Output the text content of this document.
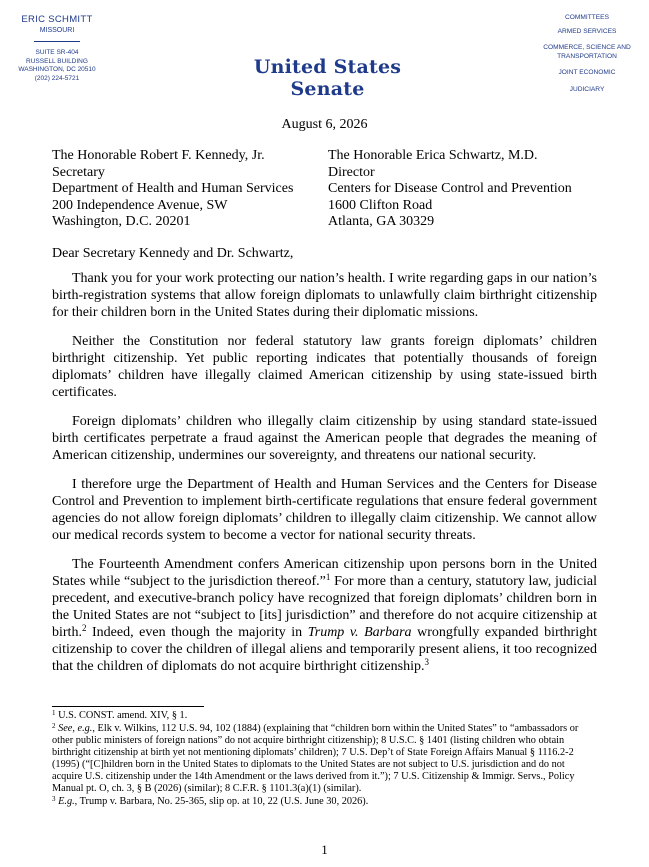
ERIC SCHMITT
MISSOURI
SUITE SR-404
RUSSELL BUILDING
WASHINGTON, DC 20510
(202) 224-5721	United States Senate
COMMITTEES
ARMED SERVICES
COMMERCE, SCIENCE AND TRANSPORTATION
JOINT ECONOMIC
JUDICIARY
August 6, 2026
The Honorable Robert F. Kennedy, Jr.
Secretary
Department of Health and Human Services
200 Independence Avenue, SW
Washington, D.C. 20201
The Honorable Erica Schwartz, M.D.
Director
Centers for Disease Control and Prevention
1600 Clifton Road
Atlanta, GA 30329
Dear Secretary Kennedy and Dr. Schwartz,

Thank you for your work protecting our nation’s health. I write regarding gaps in our nation’s birth-registration systems that allow foreign diplomats to unlawfully claim birthright citizenship for their children born in the United States during their diplomatic missions.

Neither the Constitution nor federal statutory law grants foreign diplomats’ children birthright citizenship. Yet public reporting indicates that potentially thousands of foreign diplomats’ children have illegally claimed American citizenship by using state-issued birth certificates.

Foreign diplomats’ children who illegally claim citizenship by using standard state-issued birth certificates perpetrate a fraud against the American people that degrades the meaning of American citizenship, undermines our sovereignty, and threatens our national security.

I therefore urge the Department of Health and Human Services and the Centers for Disease Control and Prevention to implement birth-certificate regulations that ensure federal government agencies do not allow foreign diplomats’ children to illegally claim citizenship. We cannot allow our medical records system to become a vector for national security threats.

The Fourteenth Amendment confers American citizenship upon persons born in the United States while “subject to the jurisdiction thereof.”$^1$ For more than a century, statutory law, judicial precedent, and executive-branch policy have recognized that foreign diplomats’ children born in the United States are not “subject to [its] jurisdiction” and therefore do not acquire citizenship at birth.$^2$ Indeed, even though the majority in Trump v. Barbara wrongfully expanded birthright citizenship to cover the children of illegal aliens and temporarily present aliens, it too recognized that the children of diplomats do not acquire birthright citizenship.$^3$

$^1$ U.S. CONST. amend. XIV, § 1.

$^2$ See, e.g., Elk v. Wilkins, 112 U.S. 94, 102 (1884) (explaining that “children born within the United States” to “ambassadors or other public ministers of foreign nations” do not acquire birthright citizenship); 8 U.S.C. § 1401 (listing children who obtain birthright citizenship at birth yet not mentioning diplomats’ children); 7 U.S. Dep’t of State Foreign Affairs Manual § 1116.2-2 (1995) (“[C]hildren born in the United States to diplomats to the United States are not subject to U.S. jurisdiction and do not acquire U.S. citizenship under the 14th Amendment or the laws derived from it.”); 7 U.S. Citizenship & Immigr. Servs., Policy Manual pt. O, ch. 3, § B (2026) (similar); 8 C.F.R. § 1101.3(a)(1) (similar).

$^3$ E.g., Trump v. Barbara, No. 25-365, slip op. at 10, 22 (U.S. June 30, 2026).

1
